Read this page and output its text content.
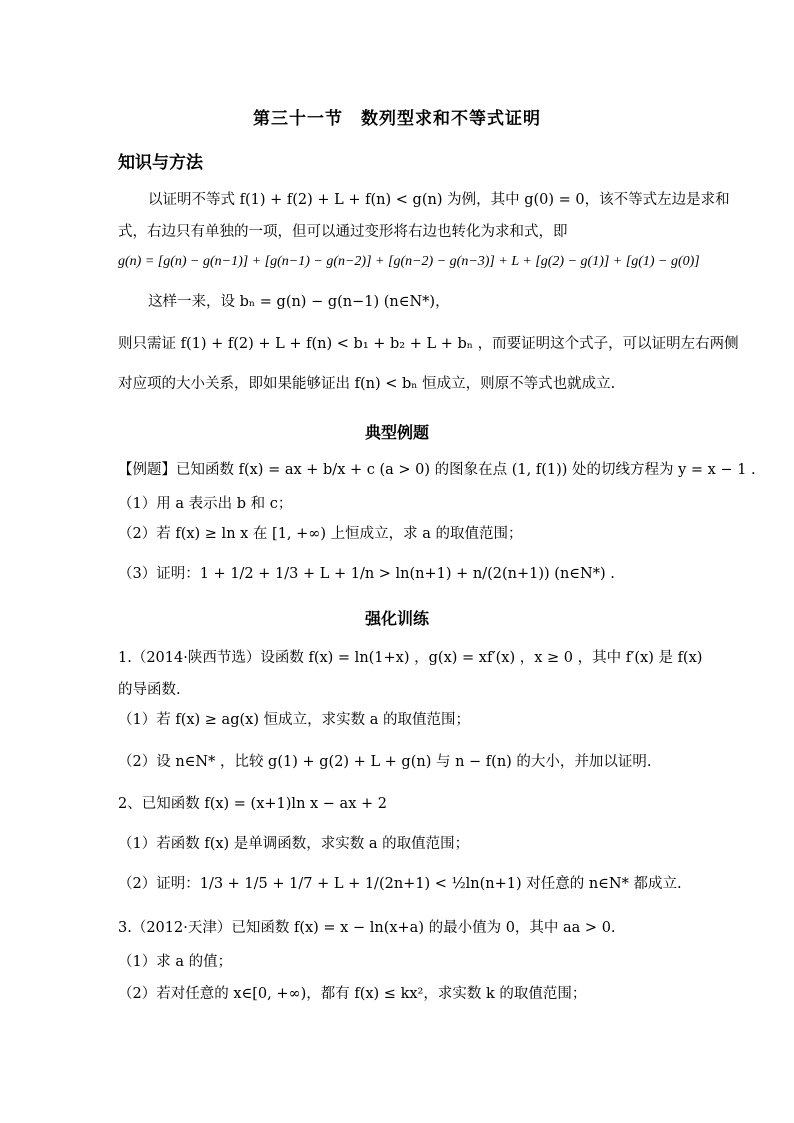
第三十一节　数列型求和不等式证明
知识与方法
以证明不等式 f(1) + f(2) + L + f(n) < g(n) 为例，其中 g(0) = 0，该不等式左边是求和
式，右边只有单独的一项，但可以通过变形将右边也转化为求和式，即
g(n) = [g(n) − g(n−1)] + [g(n−1) − g(n−2)] + [g(n−2) − g(n−3)] + L + [g(2) − g(1)] + [g(1) − g(0)]
这样一来，设 bₙ = g(n) − g(n−1) (n∈N*)，
则只需证 f(1) + f(2) + L + f(n) < b₁ + b₂ + L + bₙ ，而要证明这个式子，可以证明左右两侧
对应项的大小关系，即如果能够证出 f(n) < bₙ 恒成立，则原不等式也就成立.
典型例题
【例题】已知函数 f(x) = ax + b/x + c (a > 0) 的图象在点 (1, f(1)) 处的切线方程为 y = x − 1 .
（1）用 a 表示出 b 和 c；
（2）若 f(x) ≥ ln x 在 [1, +∞) 上恒成立，求 a 的取值范围；
（3）证明：1 + 1/2 + 1/3 + L + 1/n > ln(n+1) + n/(2(n+1)) (n∈N*) .
强化训练
1.（2014·陕西节选）设函数 f(x) = ln(1+x) ，g(x) = xf′(x) ，x ≥ 0 ，其中 f′(x) 是 f(x)
的导函数.
（1）若 f(x) ≥ ag(x) 恒成立，求实数 a 的取值范围；
（2）设 n∈N* ，比较 g(1) + g(2) + L + g(n) 与 n − f(n) 的大小，并加以证明.
2、已知函数 f(x) = (x+1)ln x − ax + 2
（1）若函数 f(x) 是单调函数，求实数 a 的取值范围；
（2）证明：1/3 + 1/5 + 1/7 + L + 1/(2n+1) < ½ln(n+1) 对任意的 n∈N* 都成立.
3.（2012·天津）已知函数 f(x) = x − ln(x+a) 的最小值为 0，其中 aa > 0.
（1）求 a 的值；
（2）若对任意的 x∈[0, +∞)，都有 f(x) ≤ kx²，求实数 k 的取值范围；
